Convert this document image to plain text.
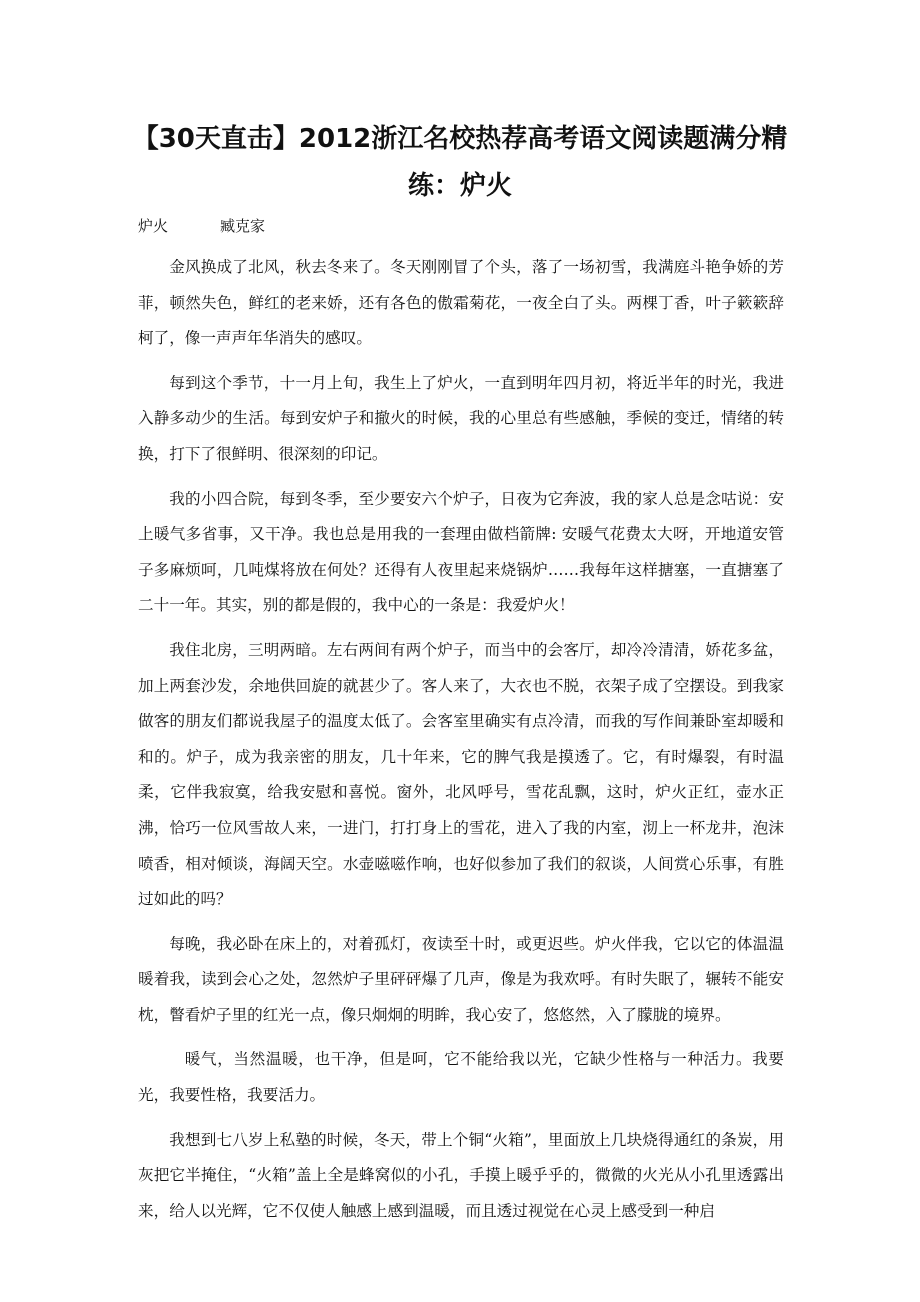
【30天直击】2012浙江名校热荐高考语文阅读题满分精练：炉火
炉火	臧克家

金风换成了北风，秋去冬来了。冬天刚刚冒了个头，落了一场初雪，我满庭斗艳争娇的芳菲，顿然失色，鲜红的老来娇，还有各色的傲霜菊花，一夜全白了头。两棵丁香，叶子簌簌辞柯了，像一声声年华消失的感叹。

每到这个季节，十一月上旬，我生上了炉火，一直到明年四月初，将近半年的时光，我进入静多动少的生活。每到安炉子和撤火的时候，我的心里总有些感触，季候的变迁，情绪的转换，打下了很鲜明、很深刻的印记。

我的小四合院，每到冬季，至少要安六个炉子，日夜为它奔波，我的家人总是念咕说：安上暖气多省事，又干净。我也总是用我的一套理由做档箭牌: 安暖气花费太大呀，开地道安管子多麻烦呵，几吨煤将放在何处？还得有人夜里起来烧锅炉……我每年这样搪塞，一直搪塞了二十一年。其实，别的都是假的，我中心的一条是：我爱炉火！

我住北房，三明两暗。左右两间有两个炉子，而当中的会客厅，却冷冷清清，娇花多盆，加上两套沙发，余地供回旋的就甚少了。客人来了，大衣也不脱，衣架子成了空摆设。到我家做客的朋友们都说我屋子的温度太低了。会客室里确实有点冷清，而我的写作间兼卧室却暖和和的。炉子，成为我亲密的朋友，几十年来，它的脾气我是摸透了。它，有时爆裂，有时温柔，它伴我寂寞，给我安慰和喜悦。窗外，北风呼号，雪花乱飘，这时，炉火正红，壶水正沸，恰巧一位风雪故人来，一进门，打打身上的雪花，进入了我的内室，沏上一杯龙井，泡沫喷香，相对倾谈，海阔天空。水壶嗞嗞作响，也好似参加了我们的叙谈，人间赏心乐事，有胜过如此的吗？

每晚，我必卧在床上的，对着孤灯，夜读至十时，或更迟些。炉火伴我，它以它的体温温暖着我，读到会心之处，忽然炉子里砰砰爆了几声，像是为我欢呼。有时失眠了，辗转不能安枕，瞥看炉子里的红光一点，像只炯炯的明眸，我心安了，悠悠然，入了朦胧的境界。

暖气，当然温暖，也干净，但是呵，它不能给我以光，它缺少性格与一种活力。我要光，我要性格，我要活力。

我想到七八岁上私塾的时候，冬天，带上个铜“火箱”，里面放上几块烧得通红的条炭，用灰把它半掩住，“火箱”盖上全是蜂窝似的小孔，手摸上暖乎乎的，微微的火光从小孔里透露出来，给人以光辉，它不仅使人触感上感到温暖，而且透过视觉在心灵上感受到一种启
